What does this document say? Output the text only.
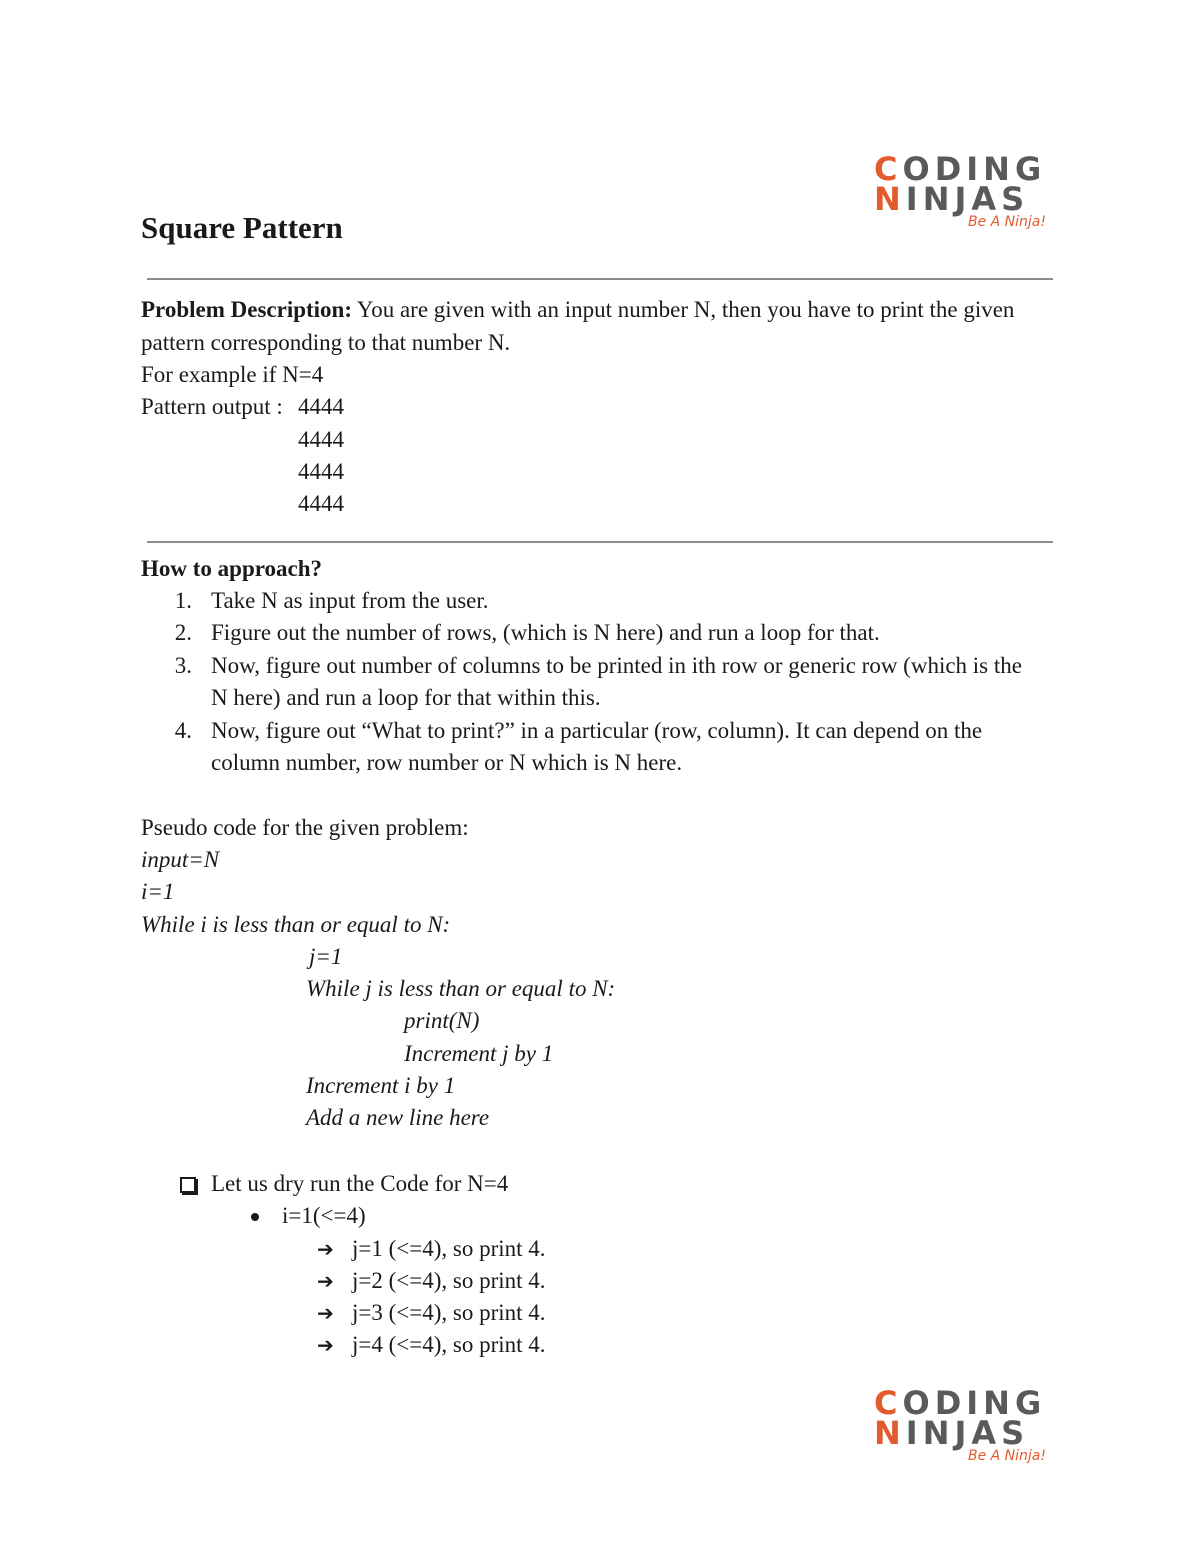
CODING
NINJAS
Be A Ninja!
Square Pattern
Problem Description: You are given with an input number N, then you have to print the given
pattern corresponding to that number N.
For example if N=4
Pattern output : 4444
4444
4444
4444
How to approach?
1. Take N as input from the user.
2. Figure out the number of rows, (which is N here) and run a loop for that.
3. Now, figure out number of columns to be printed in ith row or generic row (which is the
N here) and run a loop for that within this.
4. Now, figure out “What to print?” in a particular (row, column). It can depend on the
column number, row number or N which is N here.
Pseudo code for the given problem:
input=N
i=1
While i is less than or equal to N:
j=1
While j is less than or equal to N:
print(N)
Increment j by 1
Increment i by 1
Add a new line here
Let us dry run the Code for N=4
i=1(<=4)
➔ j=1 (<=4), so print 4.
➔ j=2 (<=4), so print 4.
➔ j=3 (<=4), so print 4.
➔ j=4 (<=4), so print 4.
CODING
NINJAS
Be A Ninja!
